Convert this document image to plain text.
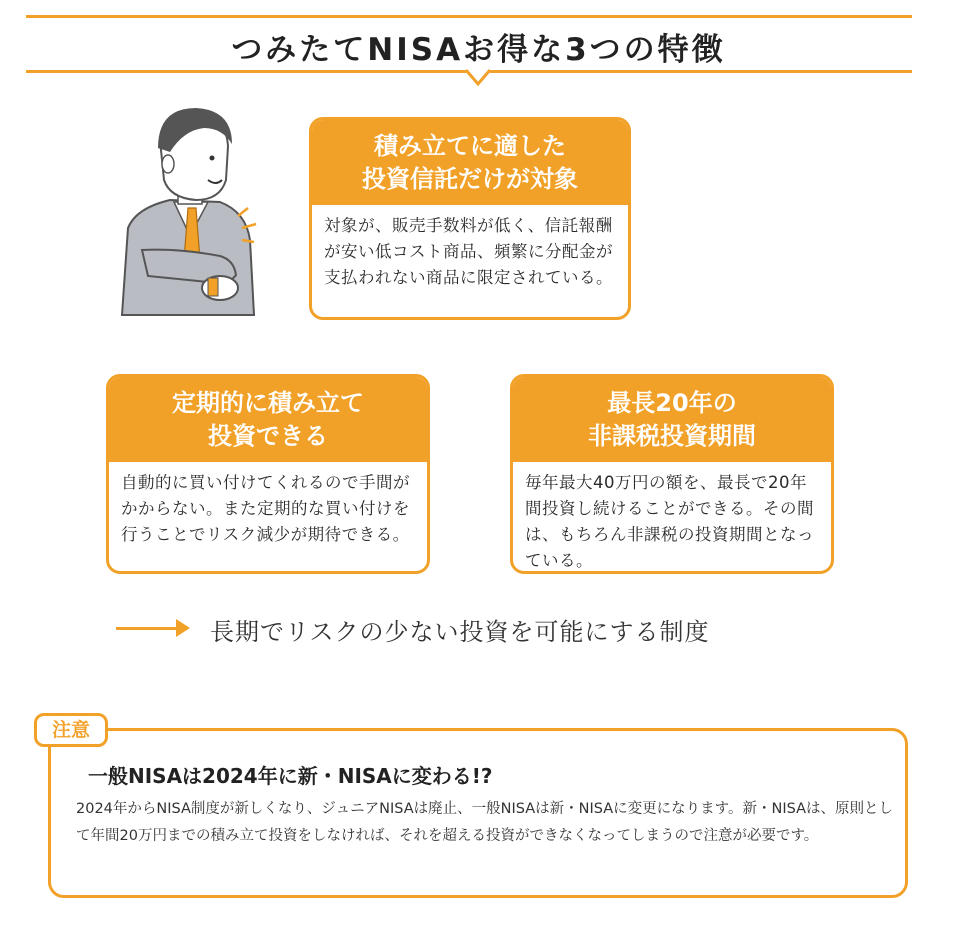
つみたてNISAお得な3つの特徴
積み立てに適した
投資信託だけが対象
対象が、販売手数料が低く、信託報酬が安い低コスト商品、頻繁に分配金が支払われない商品に限定されている。
定期的に積み立て
投資できる
自動的に買い付けてくれるので手間がかからない。また定期的な買い付けを行うことでリスク減少が期待できる。
最長20年の
非課税投資期間
毎年最大40万円の額を、最長で20年間投資し続けることができる。その間は、もちろん非課税の投資期間となっている。
長期でリスクの少ない投資を可能にする制度
注意
一般NISAは2024年に新・NISAに変わる!?
2024年からNISA制度が新しくなり、ジュニアNISAは廃止、一般NISAは新・NISAに変更になります。新・NISAは、原則として年間20万円までの積み立て投資をしなければ、それを超える投資ができなくなってしまうので注意が必要です。
